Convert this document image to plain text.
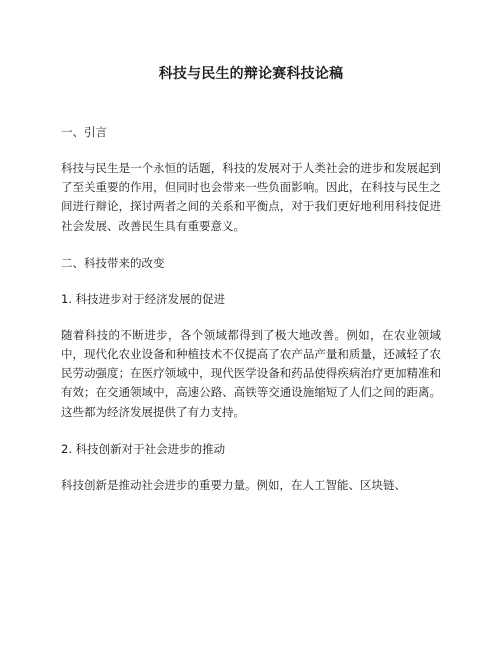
科技与民生的辩论赛科技论稿
一、引言

科技与民生是一个永恒的话题，科技的发展对于人类社会的进步和发展起到了至关重要的作用，但同时也会带来一些负面影响。因此，在科技与民生之间进行辩论，探讨两者之间的关系和平衡点，对于我们更好地利用科技促进社会发展、改善民生具有重要意义。

二、科技带来的改变
1. 科技进步对于经济发展的促进

随着科技的不断进步，各个领域都得到了极大地改善。例如，在农业领域中，现代化农业设备和种植技术不仅提高了农产品产量和质量，还减轻了农民劳动强度；在医疗领域中，现代医学设备和药品使得疾病治疗更加精准和有效；在交通领域中，高速公路、高铁等交通设施缩短了人们之间的距离。这些都为经济发展提供了有力支持。

2. 科技创新对于社会进步的推动

科技创新是推动社会进步的重要力量。例如，在人工智能、区块链、
